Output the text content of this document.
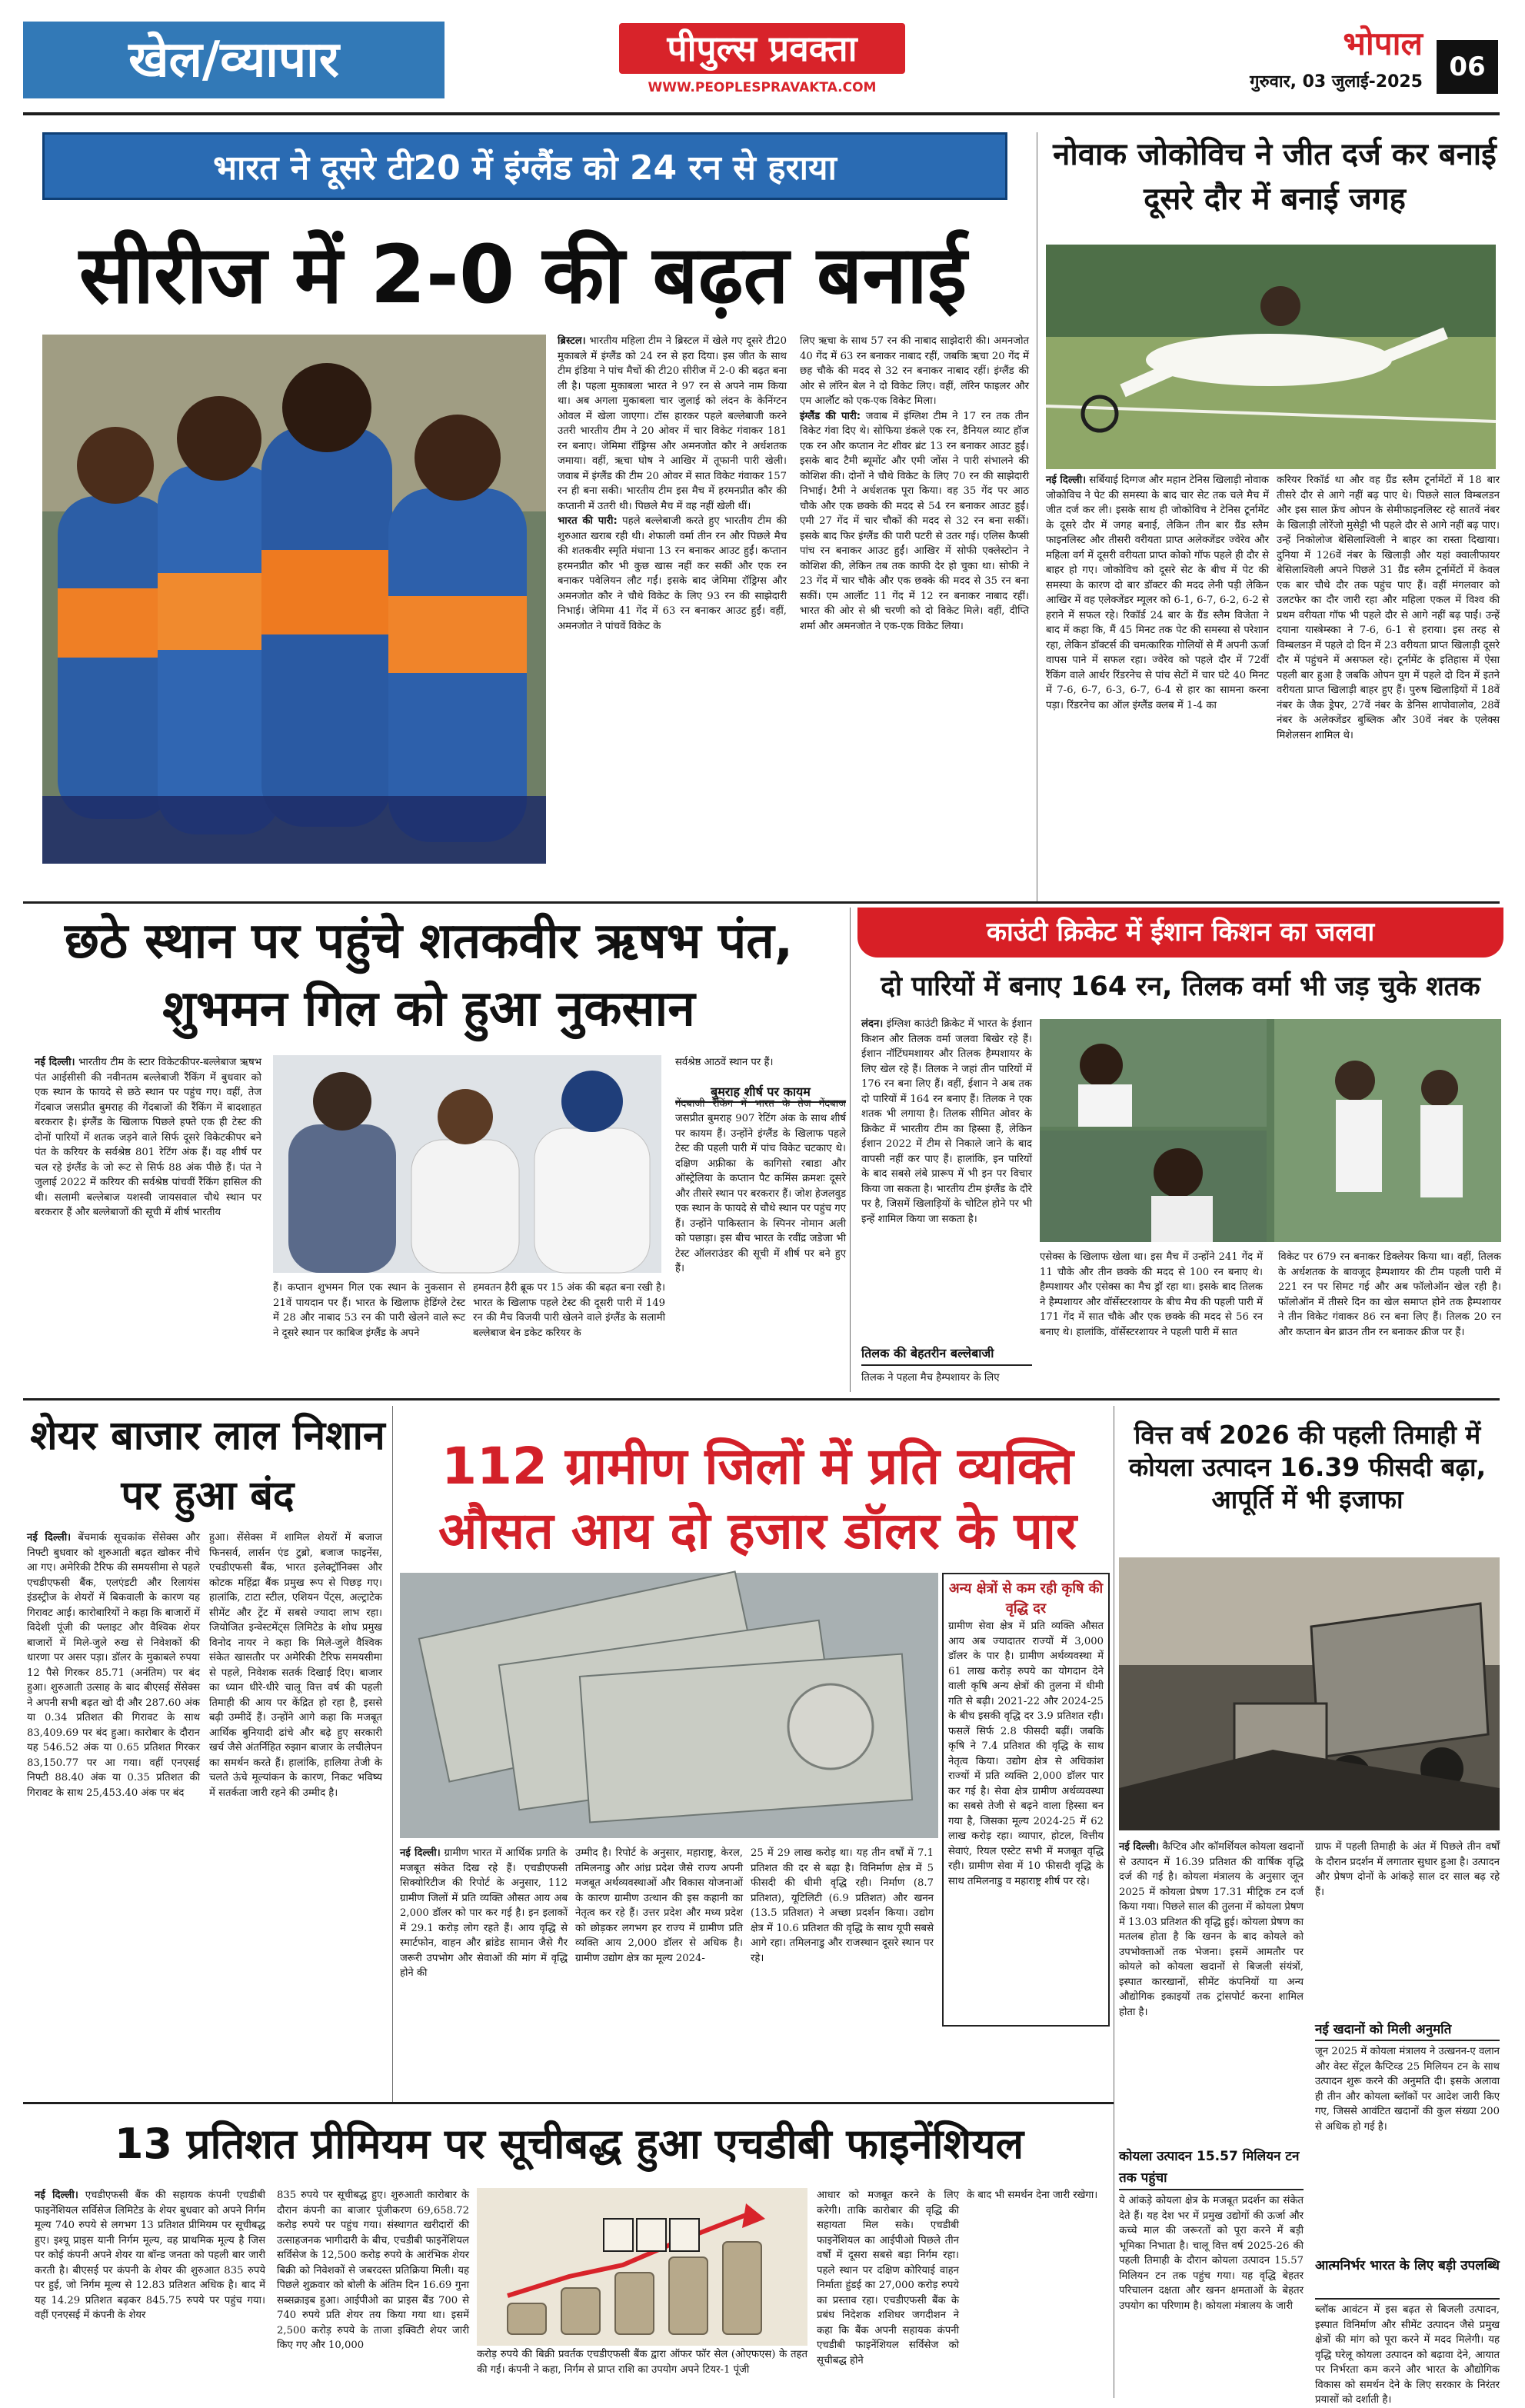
खेल/व्यापार	पीपुल्स प्रवक्ता
WWW.PEOPLESPRAVAKTA.COM
भोपाल
गुरुवार, 03 जुलाई-2025	06
भारत ने दूसरे टी20 में इंग्लैंड को 24 रन से हराया
सीरीज में 2-0 की बढ़त बनाई
ब्रिस्टल। भारतीय महिला टीम ने ब्रिस्टल में खेले गए दूसरे टी20 मुकाबले में इंग्लैंड को 24 रन से हरा दिया। इस जीत के साथ टीम इंडिया ने पांच मैचों की टी20 सीरीज में 2-0 की बढ़त बना ली है। पहला मुकाबला भारत ने 97 रन से अपने नाम किया था। अब अगला मुकाबला चार जुलाई को लंदन के केनिंग्टन ओवल में खेला जाएगा। टॉस हारकर पहले बल्लेबाजी करने उतरी भारतीय टीम ने 20 ओवर में चार विकेट गंवाकर 181 रन बनाए। जेमिमा रॉड्रिग्स और अमनजोत कौर ने अर्धशतक जमाया। वहीं, ऋचा घोष ने आखिर में तूफानी पारी खेली। जवाब में इंग्लैंड की टीम 20 ओवर में सात विकेट गंवाकर 157 रन ही बना सकी। भारतीय टीम इस मैच में हरमनप्रीत कौर की कप्तानी में उतरी थी। पिछले मैच में वह नहीं खेली थीं।
भारत की पारी: पहले बल्लेबाजी करते हुए भारतीय टीम की शुरुआत खराब रही थी। शेफाली वर्मा तीन रन और पिछले मैच की शतकवीर स्मृति मंधाना 13 रन बनाकर आउट हुईं। कप्तान हरमनप्रीत कौर भी कुछ खास नहीं कर सकीं और एक रन बनाकर पवेलियन लौट गईं। इसके बाद जेमिमा रॉड्रिग्स और अमनजोत कौर ने चौथे विकेट के लिए 93 रन की साझेदारी निभाई। जेमिमा 41 गेंद में 63 रन बनाकर आउट हुईं। वहीं, अमनजोत ने पांचवें विकेट के
लिए ऋचा के साथ 57 रन की नाबाद साझेदारी की। अमनजोत 40 गेंद में 63 रन बनाकर नाबाद रहीं, जबकि ऋचा 20 गेंद में छह चौके की मदद से 32 रन बनाकर नाबाद रहीं। इंग्लैंड की ओर से लॉरेन बेल ने दो विकेट लिए। वहीं, लॉरेन फाइलर और एम आर्लॉट को एक-एक विकेट मिला।
इंग्लैंड की पारी: जवाब में इंग्लिश टीम ने 17 रन तक तीन विकेट गंवा दिए थे। सोफिया डंकले एक रन, डैनियल व्याट हॉज एक रन और कप्तान नेट शीवर ब्रंट 13 रन बनाकर आउट हुईं। इसके बाद टैमी ब्यूमोंट और एमी जोंस ने पारी संभालने की कोशिश की। दोनों ने चौथे विकेट के लिए 70 रन की साझेदारी निभाई। टैमी ने अर्धशतक पूरा किया। वह 35 गेंद पर आठ चौके और एक छक्के की मदद से 54 रन बनाकर आउट हुईं। एमी 27 गेंद में चार चौकों की मदद से 32 रन बना सकीं। इसके बाद फिर इंग्लैंड की पारी पटरी से उतर गई। एलिस कैप्सी पांच रन बनाकर आउट हुईं। आखिर में सोफी एक्लेस्टोन ने कोशिश की, लेकिन तब तक काफी देर हो चुका था। सोफी ने 23 गेंद में चार चौके और एक छक्के की मदद से 35 रन बना सकीं। एम आर्लॉट 11 गेंद में 12 रन बनाकर नाबाद रहीं। भारत की ओर से श्री चरणी को दो विकेट मिले। वहीं, दीप्ति शर्मा और अमनजोत ने एक-एक विकेट लिया।
नोवाक जोकोविच ने जीत दर्ज कर बनाई दूसरे दौर में बनाई जगह
नई दिल्ली। सर्बियाई दिग्गज और महान टेनिस खिलाड़ी नोवाक जोकोविच ने पेट की समस्या के बाद चार सेट तक चले मैच में जीत दर्ज कर ली। इसके साथ ही जोकोविच ने टेनिस टूर्नामेंट के दूसरे दौर में जगह बनाई, लेकिन तीन बार ग्रैंड स्लैम फाइनलिस्ट और तीसरी वरीयता प्राप्त अलेक्जेंडर ज्वेरेव और महिला वर्ग में दूसरी वरीयता प्राप्त कोको गॉफ पहले ही दौर से बाहर हो गए। जोकोविच को दूसरे सेट के बीच में पेट की समस्या के कारण दो बार डॉक्टर की मदद लेनी पड़ी लेकिन आखिर में वह एलेक्जेंडर म्यूलर को 6-1, 6-7, 6-2, 6-2 से हराने में सफल रहे। रिकॉर्ड 24 बार के ग्रैंड स्लैम विजेता ने बाद में कहा कि, मैं 45 मिनट तक पेट की समस्या से परेशान रहा, लेकिन डॉक्टर्स की चमत्कारिक गोलियों से मैं अपनी ऊर्जा वापस पाने में सफल रहा। ज्वेरेव को पहले दौर में 72वीं रैंकिंग वाले आर्थर रिंडरनेच से पांच सेटों में चार घंटे 40 मिनट में 7-6, 6-7, 6-3, 6-7, 6-4 से हार का सामना करना पड़ा। रिंडरनेच का ऑल इंग्लैंड क्लब में 1-4 का
करियर रिकॉर्ड था और वह ग्रैंड स्लैम टूर्नामेंटों में 18 बार तीसरे दौर से आगे नहीं बढ़ पाए थे। पिछले साल विम्बलडन और इस साल फ्रेंच ओपन के सेमीफाइनलिस्ट रहे सातवें नंबर के खिलाड़ी लोरेंजो मुसेट्टी भी पहले दौर से आगे नहीं बढ़ पाए। उन्हें निकोलोज बेसिलाश्विली ने बाहर का रास्ता दिखाया। दुनिया में 126वें नंबर के खिलाड़ी और यहां क्वालीफायर बेसिलाश्विली अपने पिछले 31 ग्रैंड स्लैम टूर्नामेंटों में केवल एक बार चौथे दौर तक पहुंच पाए हैं। वहीं मंगलवार को उलटफेर का दौर जारी रहा और महिला एकल में विश्व की प्रथम वरीयता गॉफ भी पहले दौर से आगे नहीं बढ़ पाईं। उन्हें दयाना यास्त्रेम्स्का ने 7-6, 6-1 से हराया। इस तरह से विम्बलडन में पहले दो दिन में 23 वरीयता प्राप्त खिलाड़ी दूसरे दौर में पहुंचने में असफल रहे। टूर्नामेंट के इतिहास में ऐसा पहली बार हुआ है जबकि ओपन युग में पहले दो दिन में इतने वरीयता प्राप्त खिलाड़ी बाहर हुए हैं। पुरुष खिलाड़ियों में 18वें नंबर के जैक ड्रेपर, 27वें नंबर के डेनिस शापोवालोव, 28वें नंबर के अलेक्जेंडर बुब्लिक और 30वें नंबर के एलेक्स मिशेलसन शामिल थे।
छठे स्थान पर पहुंचे शतकवीर ऋषभ पंत, शुभमन गिल को हुआ नुकसान
नई दिल्ली। भारतीय टीम के स्टार विकेटकीपर-बल्लेबाज ऋषभ पंत आईसीसी की नवीनतम बल्लेबाजी रैंकिंग में बुधवार को एक स्थान के फायदे से छठे स्थान पर पहुंच गए। वहीं, तेज गेंदबाज जसप्रीत बुमराह की गेंदबाजों की रैंकिंग में बादशाहत बरकरार है। इंग्लैंड के खिलाफ पिछले हफ्ते एक ही टेस्ट की दोनों पारियों में शतक जड़ने वाले सिर्फ दूसरे विकेटकीपर बने पंत के करियर के सर्वश्रेष्ठ 801 रेटिंग अंक हैं। वह शीर्ष पर चल रहे इंग्लैंड के जो रूट से सिर्फ 88 अंक पीछे हैं। पंत ने जुलाई 2022 में करियर की सर्वश्रेष्ठ पांचवीं रैंकिंग हासिल की थी। सलामी बल्लेबाज यशस्वी जायसवाल चौथे स्थान पर बरकरार हैं और बल्लेबाजों की सूची में शीर्ष भारतीय
हैं। कप्तान शुभमन गिल एक स्थान के नुकसान से 21वें पायदान पर हैं। भारत के खिलाफ हेडिंग्ले टेस्ट में 28 और नाबाद 53 रन की पारी खेलने वाले रूट ने दूसरे स्थान पर काबिज इंग्लैंड के अपने
हमवतन हैरी ब्रूक पर 15 अंक की बढ़त बना रखी है। भारत के खिलाफ पहले टेस्ट की दूसरी पारी में 149 रन की मैच विजयी पारी खेलने वाले इंग्लैंड के सलामी बल्लेबाज बेन डकेट करियर के
सर्वश्रेष्ठ आठवें स्थान पर हैं।
गेंदबाजी रैंकिंग में भारत के तेज गेंदबाज जसप्रीत बुमराह 907 रेटिंग अंक के साथ शीर्ष पर कायम हैं। उन्होंने इंग्लैंड के खिलाफ पहले टेस्ट की पहली पारी में पांच विकेट चटकाए थे। दक्षिण अफ्रीका के कागिसो रबाडा और ऑस्ट्रेलिया के कप्तान पैट कमिंस क्रमशः दूसरे और तीसरे स्थान पर बरकरार हैं। जोश हेजलवुड एक स्थान के फायदे से चौथे स्थान पर पहुंच गए हैं। उन्होंने पाकिस्तान के स्पिनर नोमान अली को पछाड़ा। इस बीच भारत के रवींद्र जडेजा भी टेस्ट ऑलराउंडर की सूची में शीर्ष पर बने हुए हैं।
बुमराह शीर्ष पर कायम
काउंटी क्रिकेट में ईशान किशन का जलवा
दो पारियों में बनाए 164 रन, तिलक वर्मा भी जड़ चुके शतक
लंदन। इंग्लिश काउंटी क्रिकेट में भारत के ईशान किशन और तिलक वर्मा जलवा बिखेर रहे हैं। ईशान नॉटिंघमशायर और तिलक हैम्पशायर के लिए खेल रहे हैं। तिलक ने जहां तीन पारियों में 176 रन बना लिए हैं। वहीं, ईशान ने अब तक दो पारियों में 164 रन बनाए हैं। तिलक ने एक शतक भी लगाया है। तिलक सीमित ओवर के क्रिकेट में भारतीय टीम का हिस्सा हैं, लेकिन ईशान 2022 में टीम से निकाले जाने के बाद वापसी नहीं कर पाए हैं। हालांकि, इन पारियों के बाद सबसे लंबे प्रारूप में भी इन पर विचार किया जा सकता है। भारतीय टीम इंग्लैंड के दौरे पर है, जिसमें खिलाड़ियों के चोटिल होने पर भी इन्हें शामिल किया जा सकता है।
तिलक की बेहतरीन बल्लेबाजी
तिलक ने पहला मैच हैम्पशायर के लिए
एसेक्स के खिलाफ खेला था। इस मैच में उन्होंने 241 गेंद में 11 चौके और तीन छक्के की मदद से 100 रन बनाए थे। हैम्पशायर और एसेक्स का मैच ड्रॉ रहा था। इसके बाद तिलक ने हैम्पशायर और वॉर्सेस्टरशायर के बीच मैच की पहली पारी में 171 गेंद में सात चौके और एक छक्के की मदद से 56 रन बनाए थे। हालांकि, वॉर्सेस्टरशायर ने पहली पारी में सात
विकेट पर 679 रन बनाकर डिक्लेयर किया था। वहीं, तिलक के अर्धशतक के बावजूद हैम्पशायर की टीम पहली पारी में 221 रन पर सिमट गई और अब फॉलोऑन खेल रही है। फॉलोऑन में तीसरे दिन का खेल समाप्त होने तक हैम्पशायर ने तीन विकेट गंवाकर 86 रन बना लिए हैं। तिलक 20 रन और कप्तान बेन ब्राउन तीन रन बनाकर क्रीज पर हैं।
शेयर बाजार लाल निशान पर हुआ बंद
नई दिल्ली। बेंचमार्क सूचकांक सेंसेक्स और निफ्टी बुधवार को शुरुआती बढ़त खोकर नीचे आ गए। अमेरिकी टैरिफ की समयसीमा से पहले एचडीएफसी बैंक, एलएंडटी और रिलायंस इंडस्ट्रीज के शेयरों में बिकवाली के कारण यह गिरावट आई। कारोबारियों ने कहा कि बाजारों में विदेशी पूंजी की फ्लाइट और वैश्विक शेयर बाजारों में मिले-जुले रुख से निवेशकों की धारणा पर असर पड़ा। डॉलर के मुकाबले रुपया 12 पैसे गिरकर 85.71 (अनंतिम) पर बंद हुआ। शुरुआती उत्साह के बाद बीएसई सेंसेक्स ने अपनी सभी बढ़त खो दी और 287.60 अंक या 0.34 प्रतिशत की गिरावट के साथ 83,409.69 पर बंद हुआ। कारोबार के दौरान यह 546.52 अंक या 0.65 प्रतिशत गिरकर 83,150.77 पर आ गया। वहीं एनएसई निफ्टी 88.40 अंक या 0.35 प्रतिशत की गिरावट के साथ 25,453.40 अंक पर बंद
हुआ। सेंसेक्स में शामिल शेयरों में बजाज फिनसर्व, लार्सन एंड टुब्रो, बजाज फाइनेंस, एचडीएफसी बैंक, भारत इलेक्ट्रॉनिक्स और कोटक महिंद्रा बैंक प्रमुख रूप से पिछड़ गए। हालांकि, टाटा स्टील, एशियन पेंट्स, अल्ट्राटेक सीमेंट और ट्रेंट में सबसे ज्यादा लाभ रहा। जियोजित इन्वेस्टमेंट्स लिमिटेड के शोध प्रमुख विनोद नायर ने कहा कि मिले-जुले वैश्विक संकेत खासतौर पर अमेरिकी टैरिफ समयसीमा से पहले, निवेशक सतर्क दिखाई दिए। बाजार का ध्यान धीरे-धीरे चालू वित्त वर्ष की पहली तिमाही की आय पर केंद्रित हो रहा है, इससे बढ़ी उम्मीदें हैं। उन्होंने आगे कहा कि मजबूत आर्थिक बुनियादी ढांचे और बढ़े हुए सरकारी खर्च जैसे अंतर्निहित रुझान बाजार के लचीलेपन का समर्थन करते हैं। हालांकि, हालिया तेजी के चलते ऊंचे मूल्यांकन के कारण, निकट भविष्य में सतर्कता जारी रहने की उम्मीद है।
112 ग्रामीण जिलों में प्रति व्यक्ति औसत आय दो हजार डॉलर के पार
अन्य क्षेत्रों से कम रही कृषि की वृद्धि दर
ग्रामीण सेवा क्षेत्र में प्रति व्यक्ति औसत आय अब ज्यादातर राज्यों में 3,000 डॉलर के पार है। ग्रामीण अर्थव्यवस्था में 61 लाख करोड़ रुपये का योगदान देने वाली कृषि अन्य क्षेत्रों की तुलना में धीमी गति से बढ़ी। 2021-22 और 2024-25 के बीच इसकी वृद्धि दर 3.9 प्रतिशत रही। फसलें सिर्फ 2.8 फीसदी बढ़ीं। जबकि कृषि ने 7.4 प्रतिशत की वृद्धि के साथ नेतृत्व किया। उद्योग क्षेत्र से अधिकांश राज्यों में प्रति व्यक्ति 2,000 डॉलर पार कर गई है। सेवा क्षेत्र ग्रामीण अर्थव्यवस्था का सबसे तेजी से बढ़ने वाला हिस्सा बन गया है, जिसका मूल्य 2024-25 में 62 लाख करोड़ रहा। व्यापार, होटल, वित्तीय सेवाएं, रियल एस्टेट सभी में मजबूत वृद्धि रही। ग्रामीण सेवा में 10 फीसदी वृद्धि के साथ तमिलनाडु व महाराष्ट्र शीर्ष पर रहे।
नई दिल्ली। ग्रामीण भारत में आर्थिक प्रगति के मजबूत संकेत दिख रहे हैं। एचडीएफसी सिक्योरिटीज की रिपोर्ट के अनुसार, 112 ग्रामीण जिलों में प्रति व्यक्ति औसत आय अब 2,000 डॉलर को पार कर गई है। इन इलाकों में 29.1 करोड़ लोग रहते हैं। आय वृद्धि से स्मार्टफोन, वाहन और ब्रांडेड सामान जैसे गैर जरूरी उपभोग और सेवाओं की मांग में वृद्धि होने की
उम्मीद है। रिपोर्ट के अनुसार, महाराष्ट्र, केरल, तमिलनाडु और आंध्र प्रदेश जैसे राज्य अपनी मजबूत अर्थव्यवस्थाओं और विकास योजनाओं के कारण ग्रामीण उत्थान की इस कहानी का नेतृत्व कर रहे हैं। उत्तर प्रदेश और मध्य प्रदेश को छोड़कर लगभग हर राज्य में ग्रामीण प्रति व्यक्ति आय 2,000 डॉलर से अधिक है। ग्रामीण उद्योग क्षेत्र का मूल्य 2024-
25 में 29 लाख करोड़ था। यह तीन वर्षों में 7.1 प्रतिशत की दर से बढ़ा है। विनिर्माण क्षेत्र में 5 फीसदी की धीमी वृद्धि रही। निर्माण (8.7 प्रतिशत), यूटिलिटी (6.9 प्रतिशत) और खनन (13.5 प्रतिशत) ने अच्छा प्रदर्शन किया। उद्योग क्षेत्र में 10.6 प्रतिशत की वृद्धि के साथ यूपी सबसे आगे रहा। तमिलनाडु और राजस्थान दूसरे स्थान पर रहे।
वित्त वर्ष 2026 की पहली तिमाही में कोयला उत्पादन 16.39 फीसदी बढ़ा, आपूर्ति में भी इजाफा
नई दिल्ली। कैप्टिव और कॉमर्शियल कोयला खदानों से उत्पादन में 16.39 प्रतिशत की वार्षिक वृद्धि दर्ज की गई है। कोयला मंत्रालय के अनुसार जून 2025 में कोयला प्रेषण 17.31 मीट्रिक टन दर्ज किया गया। पिछले साल की तुलना में कोयला प्रेषण में 13.03 प्रतिशत की वृद्धि हुई। कोयला प्रेषण का मतलब होता है कि खनन के बाद कोयले को उपभोक्ताओं तक भेजना। इसमें आमतौर पर कोयले को कोयला खदानों से बिजली संयंत्रों, इस्पात कारखानों, सीमेंट कंपनियों या अन्य औद्योगिक इकाइयों तक ट्रांसपोर्ट करना शामिल होता है।
ग्राफ में पहली तिमाही के अंत में पिछले तीन वर्षों के दौरान प्रदर्शन में लगातार सुधार हुआ है। उत्पादन और प्रेषण दोनों के आंकड़े साल दर साल बढ़ रहे हैं।
नई खदानों को मिली अनुमति
जून 2025 में कोयला मंत्रालय ने उत्खनन-ए वलान और वेस्ट सेंट्रल कैप्टिव्ड 25 मिलियन टन के साथ उत्पादन शुरू करने की अनुमति दी। इसके अलावा ही तीन और कोयला ब्लॉकों पर आदेश जारी किए गए, जिससे आवंटित खदानों की कुल संख्या 200 से अधिक हो गई है।
कोयला उत्पादन 15.57 मिलियन टन तक पहुंचा
ये आंकड़े कोयला क्षेत्र के मजबूत प्रदर्शन का संकेत देते हैं। यह देश भर में प्रमुख उद्योगों की ऊर्जा और कच्चे माल की जरूरतों को पूरा करने में बड़ी भूमिका निभाता है। चालू वित्त वर्ष 2025-26 की पहली तिमाही के दौरान कोयला उत्पादन 15.57 मिलियन टन तक पहुंच गया। यह वृद्धि बेहतर परिचालन दक्षता और खनन क्षमताओं के बेहतर उपयोग का परिणाम है। कोयला मंत्रालय के जारी
आत्मनिर्भर भारत के लिए बड़ी उपलब्धि
ब्लॉक आवंटन में इस बढ़त से बिजली उत्पादन, इस्पात विनिर्माण और सीमेंट उत्पादन जैसे प्रमुख क्षेत्रों की मांग को पूरा करने में मदद मिलेगी। यह वृद्धि घरेलू कोयला उत्पादन को बढ़ावा देने, आयात पर निर्भरता कम करने और भारत के औद्योगिक विकास को समर्थन देने के लिए सरकार के निरंतर प्रयासों को दर्शाती है।
13 प्रतिशत प्रीमियम पर सूचीबद्ध हुआ एचडीबी फाइनेंशियल
नई दिल्ली। एचडीएफसी बैंक की सहायक कंपनी एचडीबी फाइनेंशियल सर्विसेज लिमिटेड के शेयर बुधवार को अपने निर्गम मूल्य 740 रुपये से लगभग 13 प्रतिशत प्रीमियम पर सूचीबद्ध हुए। इश्यू प्राइस यानी निर्गम मूल्य, वह प्राथमिक मूल्य है जिस पर कोई कंपनी अपने शेयर या बॉन्ड जनता को पहली बार जारी करती है। बीएसई पर कंपनी के शेयर की शुरुआत 835 रुपये पर हुई, जो निर्गम मूल्य से 12.83 प्रतिशत अधिक है। बाद में यह 14.29 प्रतिशत बढ़कर 845.75 रुपये पर पहुंच गया। वहीं एनएसई में कंपनी के शेयर
835 रुपये पर सूचीबद्ध हुए। शुरुआती कारोबार के दौरान कंपनी का बाजार पूंजीकरण 69,658.72 करोड़ रुपये पर पहुंच गया। संस्थागत खरीदारों की उत्साहजनक भागीदारी के बीच, एचडीबी फाइनेंशियल सर्विसेज के 12,500 करोड़ रुपये के आरंभिक शेयर बिक्री को निवेशकों से जबरदस्त प्रतिक्रिया मिली। यह पिछले शुक्रवार को बोली के अंतिम दिन 16.69 गुना सब्सक्राइब हुआ। आईपीओ का प्राइस बैंड 700 से 740 रुपये प्रति शेयर तय किया गया था। इसमें 2,500 करोड़ रुपये के ताजा इक्विटी शेयर जारी किए गए और 10,000
करोड़ रुपये की बिक्री प्रवर्तक एचडीएफसी बैंक द्वारा ऑफर फॉर सेल (ओएफएस) के तहत की गई। कंपनी ने कहा, निर्गम से प्राप्त राशि का उपयोग अपने टियर-1 पूंजी
आधार को मजबूत करने के लिए करेगी। ताकि कारोबार की वृद्धि की सहायता मिल सके। एचडीबी फाइनेंशियल का आईपीओ पिछले तीन वर्षों में दूसरा सबसे बड़ा निर्गम रहा। पहले स्थान पर दक्षिण कोरियाई वाहन निर्माता हुंडई का 27,000 करोड़ रुपये का प्रस्ताव रहा। एचडीएफसी बैंक के प्रबंध निदेशक शशिधर जगदीशन ने कहा कि बैंक अपनी सहायक कंपनी एचडीबी फाइनेंशियल सर्विसेज को सूचीबद्ध होने
के बाद भी समर्थन देना जारी रखेगा।
